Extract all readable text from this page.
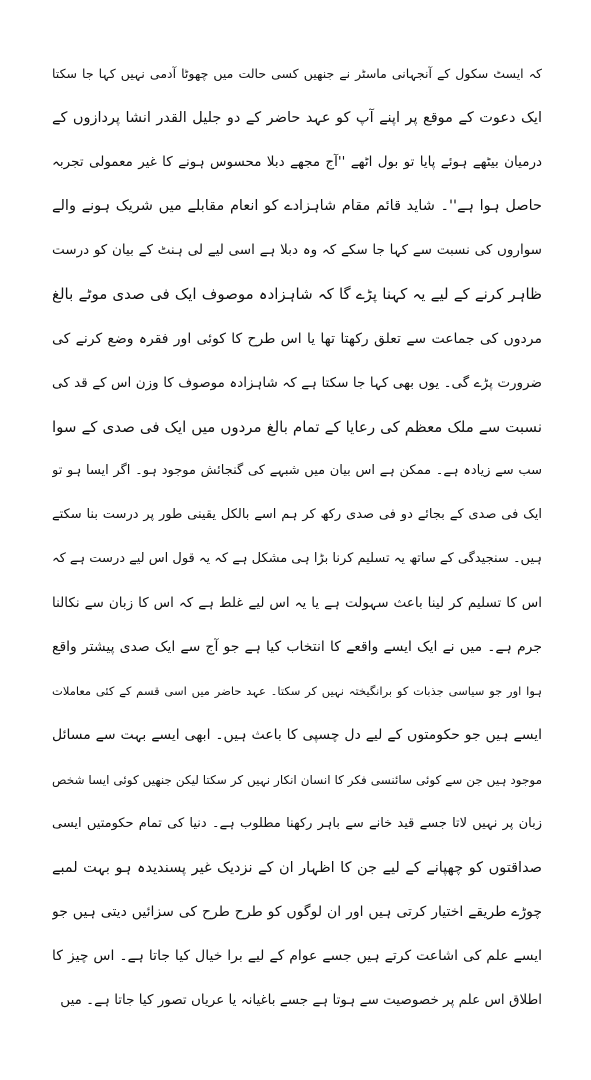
کہ ایسٹ سکول کے آنجہانی ماسٹر نے جنھیں کسی حالت میں چھوٹا آدمی نہیں کہا جا سکتا
ایک دعوت کے موقع پر اپنے آپ کو عہد حاضر کے دو جلیل القدر انشا پردازوں کے
درمیان بیٹھے ہوئے پایا تو بول اٹھے ''آج مجھے دبلا محسوس ہونے کا غیر معمولی تجربہ
حاصل ہوا ہے''۔ شاید قائم مقام شاہزادے کو انعام مقابلے میں شریک ہونے والے
سواروں کی نسبت سے کہا جا سکے کہ وہ دبلا ہے اسی لیے لی ہنٹ کے بیان کو درست
ظاہر کرنے کے لیے یہ کہنا پڑے گا کہ شاہزادہ موصوف ایک فی صدی موٹے بالغ
مردوں کی جماعت سے تعلق رکھتا تھا یا اس طرح کا کوئی اور فقرہ وضع کرنے کی
ضرورت پڑے گی۔ یوں بھی کہا جا سکتا ہے کہ شاہزادہ موصوف کا وزن اس کے قد کی
نسبت سے ملک معظم کی رعایا کے تمام بالغ مردوں میں ایک فی صدی کے سوا
سب سے زیادہ ہے۔ ممکن ہے اس بیان میں شبہے کی گنجائش موجود ہو۔ اگر ایسا ہو تو
ایک فی صدی کے بجائے دو فی صدی رکھ کر ہم اسے بالکل یقینی طور پر درست بنا سکتے
ہیں۔ سنجیدگی کے ساتھ یہ تسلیم کرنا بڑا ہی مشکل ہے کہ یہ قول اس لیے درست ہے کہ
اس کا تسلیم کر لینا باعث سہولت ہے یا یہ اس لیے غلط ہے کہ اس کا زبان سے نکالنا
جرم ہے۔ میں نے ایک ایسے واقعے کا انتخاب کیا ہے جو آج سے ایک صدی پیشتر واقع
ہوا اور جو سیاسی جذبات کو برانگیختہ نہیں کر سکتا۔ عہد حاضر میں اسی قسم کے کئی معاملات
ایسے ہیں جو حکومتوں کے لیے دل چسپی کا باعث ہیں۔ ابھی ایسے بہت سے مسائل
موجود ہیں جن سے کوئی سائنسی فکر کا انسان انکار نہیں کر سکتا لیکن جنھیں کوئی ایسا شخص
زبان پر نہیں لاتا جسے قید خانے سے باہر رکھنا مطلوب ہے۔ دنیا کی تمام حکومتیں ایسی
صداقتوں کو چھپانے کے لیے جن کا اظہار ان کے نزدیک غیر پسندیدہ ہو بہت لمبے
چوڑے طریقے اختیار کرتی ہیں اور ان لوگوں کو طرح طرح کی سزائیں دیتی ہیں جو
ایسے علم کی اشاعت کرتے ہیں جسے عوام کے لیے برا خیال کیا جاتا ہے۔ اس چیز کا
اطلاق اس علم پر خصوصیت سے ہوتا ہے جسے باغیانہ یا عریاں تصور کیا جاتا ہے۔ میں
